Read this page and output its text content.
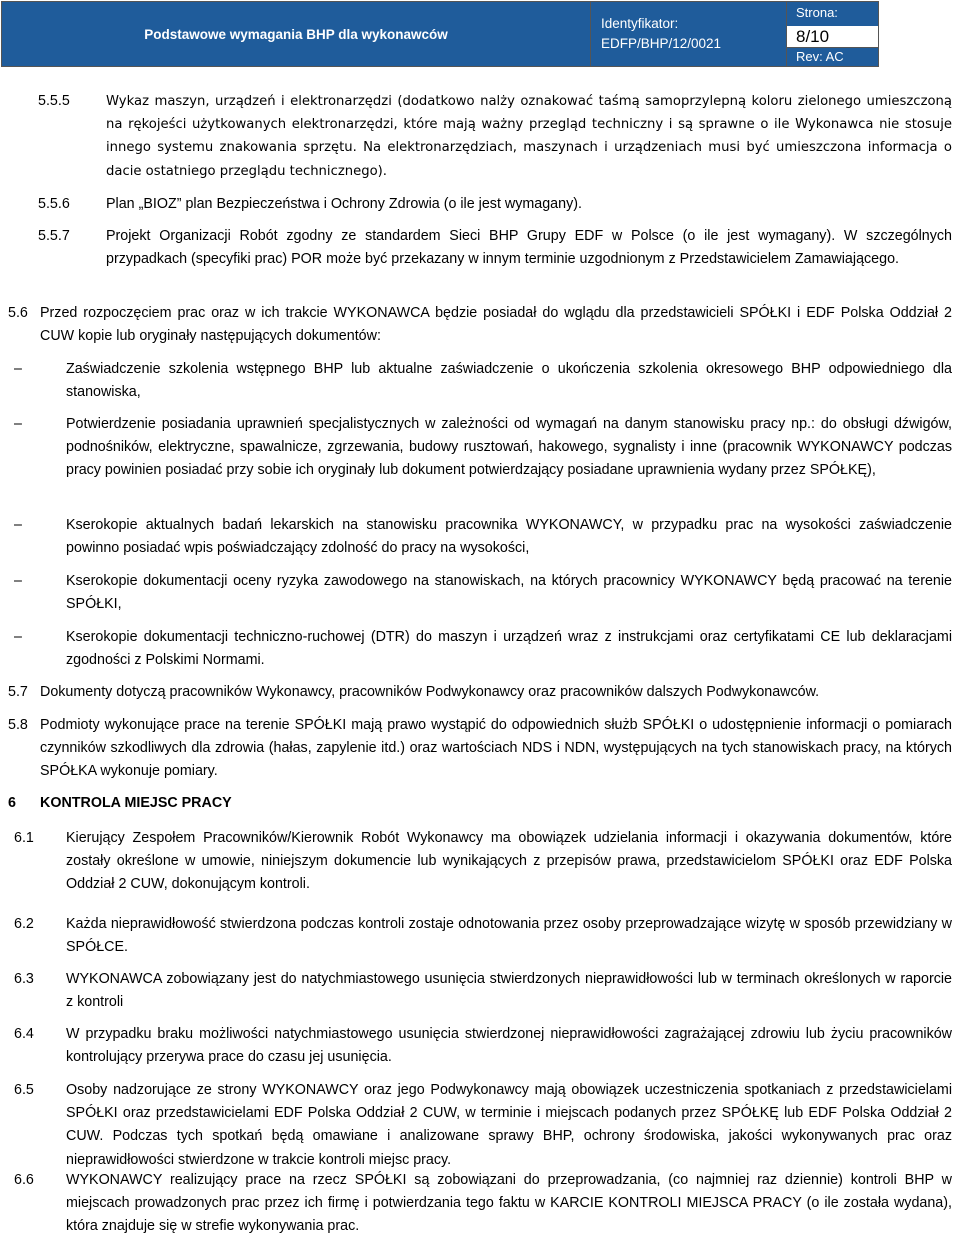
Podstawowe wymagania BHP dla wykonawców
Identyfikator:
EDFP/BHP/12/0021
Strona:
8/10
Rev: AC
5.5.5	Wykaz maszyn, urządzeń i elektronarzędzi (dodatkowo nalży oznakować taśmą samoprzylepną koloru zielonego umieszczoną na rękojeści użytkowanych elektronarzędzi, które mają ważny przegląd techniczny i są sprawne o ile Wykonawca nie stosuje innego systemu znakowania sprzętu. Na elektronarzędziach, maszynach i urządzeniach musi być umieszczona informacja o dacie ostatniego przeglądu technicznego).
5.5.6	Plan „BIOZ” plan Bezpieczeństwa i Ochrony Zdrowia (o ile jest wymagany).
5.5.7	Projekt Organizacji Robót zgodny ze standardem Sieci BHP Grupy EDF w Polsce (o ile jest wymagany). W szczególnych przypadkach (specyfiki prac) POR może być przekazany w innym terminie uzgodnionym z Przedstawicielem Zamawiającego.
5.6 Przed rozpoczęciem prac oraz w ich trakcie WYKONAWCA będzie posiadał do wglądu dla przedstawicieli SPÓŁKI i EDF Polska Oddział 2 CUW kopie lub oryginały następujących dokumentów:
–	Zaświadczenie szkolenia wstępnego BHP lub aktualne zaświadczenie o ukończenia szkolenia okresowego BHP odpowiedniego dla stanowiska,
–	Potwierdzenie posiadania uprawnień specjalistycznych w zależności od wymagań na danym stanowisku pracy np.: do obsługi dźwigów, podnośników, elektryczne, spawalnicze, zgrzewania, budowy rusztowań, hakowego, sygnalisty i inne (pracownik WYKONAWCY podczas pracy powinien posiadać przy sobie ich oryginały lub dokument potwierdzający posiadane uprawnienia wydany przez SPÓŁKĘ),
–	Kserokopie aktualnych badań lekarskich na stanowisku pracownika WYKONAWCY, w przypadku prac na wysokości zaświadczenie powinno posiadać wpis poświadczający zdolność do pracy na wysokości,
–	Kserokopie dokumentacji oceny ryzyka zawodowego na stanowiskach, na których pracownicy WYKONAWCY będą pracować na terenie SPÓŁKI,
–	Kserokopie dokumentacji techniczno-ruchowej (DTR) do maszyn i urządzeń wraz z instrukcjami oraz certyfikatami CE lub deklaracjami zgodności z Polskimi Normami.
5.7 Dokumenty dotyczą pracowników Wykonawcy, pracowników Podwykonawcy oraz pracowników dalszych Podwykonawców.
5.8 Podmioty wykonujące prace na terenie SPÓŁKI mają prawo wystąpić do odpowiednich służb SPÓŁKI o udostępnienie informacji o pomiarach czynników szkodliwych dla zdrowia (hałas, zapylenie itd.) oraz wartościach NDS i NDN, występujących na tych stanowiskach pracy, na których SPÓŁKA wykonuje pomiary.
6 KONTROLA MIEJSC PRACY
6.1 Kierujący Zespołem Pracowników/Kierownik Robót Wykonawcy ma obowiązek udzielania informacji i okazywania dokumentów, które zostały określone w umowie, niniejszym dokumencie lub wynikających z przepisów prawa, przedstawicielom SPÓŁKI oraz EDF Polska Oddział 2 CUW, dokonującym kontroli.
6.2 Każda nieprawidłowość stwierdzona podczas kontroli zostaje odnotowania przez osoby przeprowadzające wizytę w sposób przewidziany w SPÓŁCE.
6.3 WYKONAWCA zobowiązany jest do natychmiastowego usunięcia stwierdzonych nieprawidłowości lub w terminach określonych w raporcie z kontroli
6.4 W przypadku braku możliwości natychmiastowego usunięcia stwierdzonej nieprawidłowości zagrażającej zdrowiu lub życiu pracowników kontrolujący przerywa prace do czasu jej usunięcia.
6.5 Osoby nadzorujące ze strony WYKONAWCY oraz jego Podwykonawcy mają obowiązek uczestniczenia spotkaniach z przedstawicielami SPÓŁKI oraz przedstawicielami EDF Polska Oddział 2 CUW, w terminie i miejscach podanych przez SPÓŁKĘ lub EDF Polska Oddział 2 CUW. Podczas tych spotkań będą omawiane i analizowane sprawy BHP, ochrony środowiska, jakości wykonywanych prac oraz nieprawidłowości stwierdzone w trakcie kontroli miejsc pracy.
6.6 WYKONAWCY realizujący prace na rzecz SPÓŁKI są zobowiązani do przeprowadzania, (co najmniej raz dziennie) kontroli BHP w miejscach prowadzonych prac przez ich firmę i potwierdzania tego faktu w KARCIE KONTROLI MIEJSCA PRACY (o ile została wydana), która znajduje się w strefie wykonywania prac.
